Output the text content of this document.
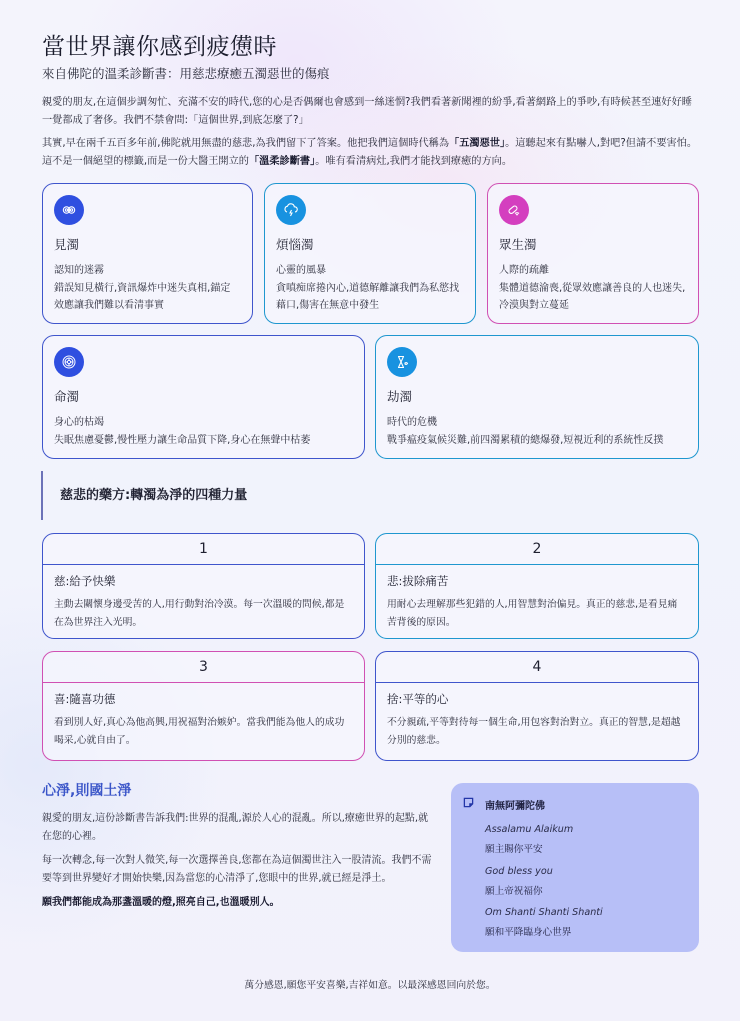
當世界讓你感到疲憊時
來自佛陀的溫柔診斷書：用慈悲療癒五濁惡世的傷痕

親愛的朋友,在這個步調匆忙、充滿不安的時代,您的心是否偶爾也會感到一絲迷惘?我們看著新聞裡的紛爭,看著網路上的爭吵,有時候甚至連好好睡一覺都成了奢侈。我們不禁會問:「這個世界,到底怎麼了?」

其實,早在兩千五百多年前,佛陀就用無盡的慈悲,為我們留下了答案。他把我們這個時代稱為「五濁惡世」。這聽起來有點嚇人,對吧?但請不要害怕。這不是一個絕望的標籤,而是一份大醫王開立的「溫柔診斷書」。唯有看清病灶,我們才能找到療癒的方向。

見濁
認知的迷霧
錯誤知見橫行,資訊爆炸中迷失真相,錨定效應讓我們難以看清事實
煩惱濁
心靈的風暴
貪嗔痴席捲內心,道德解離讓我們為私慾找藉口,傷害在無意中發生
眾生濁
人際的疏離
集體道德淪喪,從眾效應讓善良的人也迷失,冷漠與對立蔓延
命濁
身心的枯竭
失眠焦慮憂鬱,慢性壓力讓生命品質下降,身心在無聲中枯萎
劫濁
時代的危機
戰爭瘟疫氣候災難,前四濁累積的總爆發,短視近利的系統性反撲
慈悲的藥方:轉濁為淨的四種力量
1
慈:給予快樂
主動去關懷身邊受苦的人,用行動對治冷漠。每一次溫暖的問候,都是在為世界注入光明。
2
悲:拔除痛苦
用耐心去理解那些犯錯的人,用智慧對治偏見。真正的慈悲,是看見痛苦背後的原因。
3
喜:隨喜功德
看到別人好,真心為他高興,用祝福對治嫉妒。當我們能為他人的成功喝采,心就自由了。
4
捨:平等的心
不分親疏,平等對待每一個生命,用包容對治對立。真正的智慧,是超越分別的慈悲。
心淨,則國土淨

親愛的朋友,這份診斷書告訴我們:世界的混亂,源於人心的混亂。所以,療癒世界的起點,就在您的心裡。

每一次轉念,每一次對人微笑,每一次選擇善良,您都在為這個濁世注入一股清流。我們不需要等到世界變好才開始快樂,因為當您的心清淨了,您眼中的世界,就已經是淨土。

願我們都能成為那盞溫暖的燈,照亮自己,也溫暖別人。

南無阿彌陀佛
Assalamu Alaikum
願主賜你平安
God bless you
願上帝祝福你
Om Shanti Shanti Shanti
願和平降臨身心世界
萬分感恩,願您平安喜樂,吉祥如意。以最深感恩回向於您。
